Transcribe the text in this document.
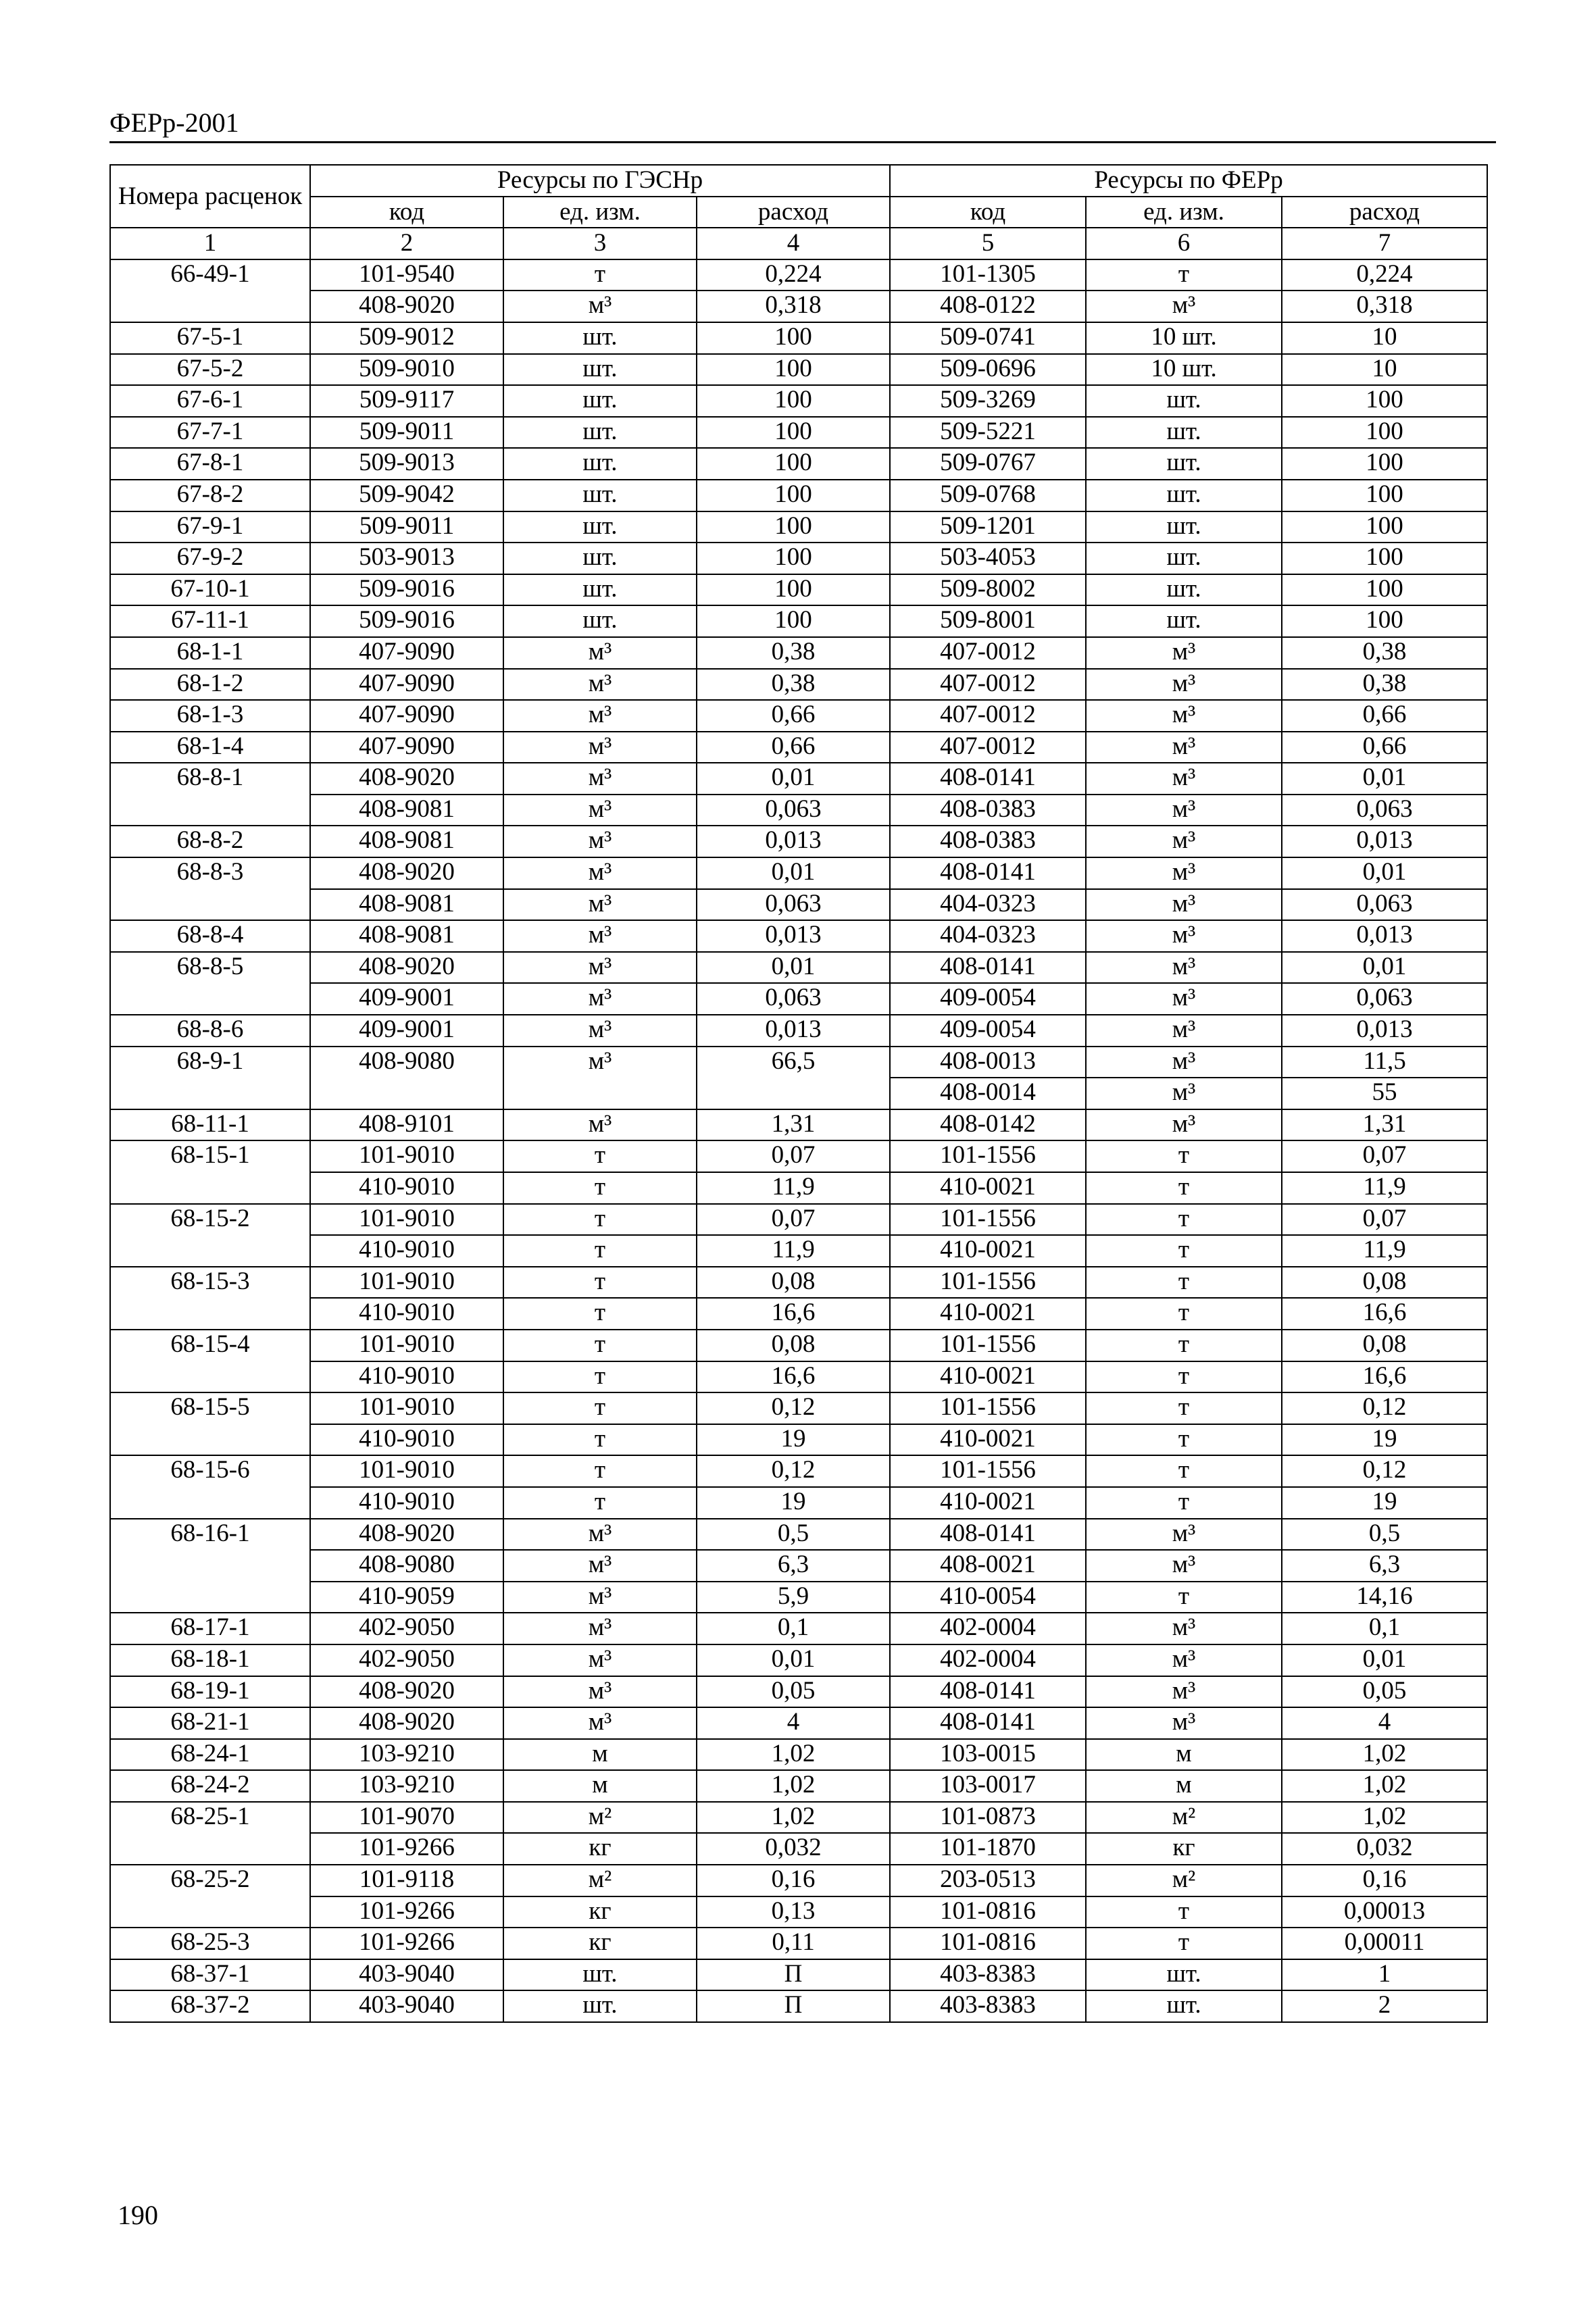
ФЕРр-2001
Номера расценок	Ресурсы по ГЭСНр			Ресурсы по ФЕРр		
	код	ед. изм.	расход	код	ед. изм.	расход
1	2	3	4	5	6	7
66-49-1	101-9540	т	0,224	101-1305	т	0,224
	408-9020	м³	0,318	408-0122	м³	0,318
67-5-1	509-9012	шт.	100	509-0741	10 шт.	10
67-5-2	509-9010	шт.	100	509-0696	10 шт.	10
67-6-1	509-9117	шт.	100	509-3269	шт.	100
67-7-1	509-9011	шт.	100	509-5221	шт.	100
67-8-1	509-9013	шт.	100	509-0767	шт.	100
67-8-2	509-9042	шт.	100	509-0768	шт.	100
67-9-1	509-9011	шт.	100	509-1201	шт.	100
67-9-2	503-9013	шт.	100	503-4053	шт.	100
67-10-1	509-9016	шт.	100	509-8002	шт.	100
67-11-1	509-9016	шт.	100	509-8001	шт.	100
68-1-1	407-9090	м³	0,38	407-0012	м³	0,38
68-1-2	407-9090	м³	0,38	407-0012	м³	0,38
68-1-3	407-9090	м³	0,66	407-0012	м³	0,66
68-1-4	407-9090	м³	0,66	407-0012	м³	0,66
68-8-1	408-9020	м³	0,01	408-0141	м³	0,01
	408-9081	м³	0,063	408-0383	м³	0,063
68-8-2	408-9081	м³	0,013	408-0383	м³	0,013
68-8-3	408-9020	м³	0,01	408-0141	м³	0,01
	408-9081	м³	0,063	404-0323	м³	0,063
68-8-4	408-9081	м³	0,013	404-0323	м³	0,013
68-8-5	408-9020	м³	0,01	408-0141	м³	0,01
	409-9001	м³	0,063	409-0054	м³	0,063
68-8-6	409-9001	м³	0,013	409-0054	м³	0,013
68-9-1	408-9080	м³	66,5	408-0013	м³	11,5
				408-0014	м³	55
68-11-1	408-9101	м³	1,31	408-0142	м³	1,31
68-15-1	101-9010	т	0,07	101-1556	т	0,07
	410-9010	т	11,9	410-0021	т	11,9
68-15-2	101-9010	т	0,07	101-1556	т	0,07
	410-9010	т	11,9	410-0021	т	11,9
68-15-3	101-9010	т	0,08	101-1556	т	0,08
	410-9010	т	16,6	410-0021	т	16,6
68-15-4	101-9010	т	0,08	101-1556	т	0,08
	410-9010	т	16,6	410-0021	т	16,6
68-15-5	101-9010	т	0,12	101-1556	т	0,12
	410-9010	т	19	410-0021	т	19
68-15-6	101-9010	т	0,12	101-1556	т	0,12
	410-9010	т	19	410-0021	т	19
68-16-1	408-9020	м³	0,5	408-0141	м³	0,5
	408-9080	м³	6,3	408-0021	м³	6,3
	410-9059	м³	5,9	410-0054	т	14,16
68-17-1	402-9050	м³	0,1	402-0004	м³	0,1
68-18-1	402-9050	м³	0,01	402-0004	м³	0,01
68-19-1	408-9020	м³	0,05	408-0141	м³	0,05
68-21-1	408-9020	м³	4	408-0141	м³	4
68-24-1	103-9210	м	1,02	103-0015	м	1,02
68-24-2	103-9210	м	1,02	103-0017	м	1,02
68-25-1	101-9070	м²	1,02	101-0873	м²	1,02
	101-9266	кг	0,032	101-1870	кг	0,032
68-25-2	101-9118	м²	0,16	203-0513	м²	0,16
	101-9266	кг	0,13	101-0816	т	0,00013
68-25-3	101-9266	кг	0,11	101-0816	т	0,00011
68-37-1	403-9040	шт.	П	403-8383	шт.	1
68-37-2	403-9040	шт.	П	403-8383	шт.	2
190
